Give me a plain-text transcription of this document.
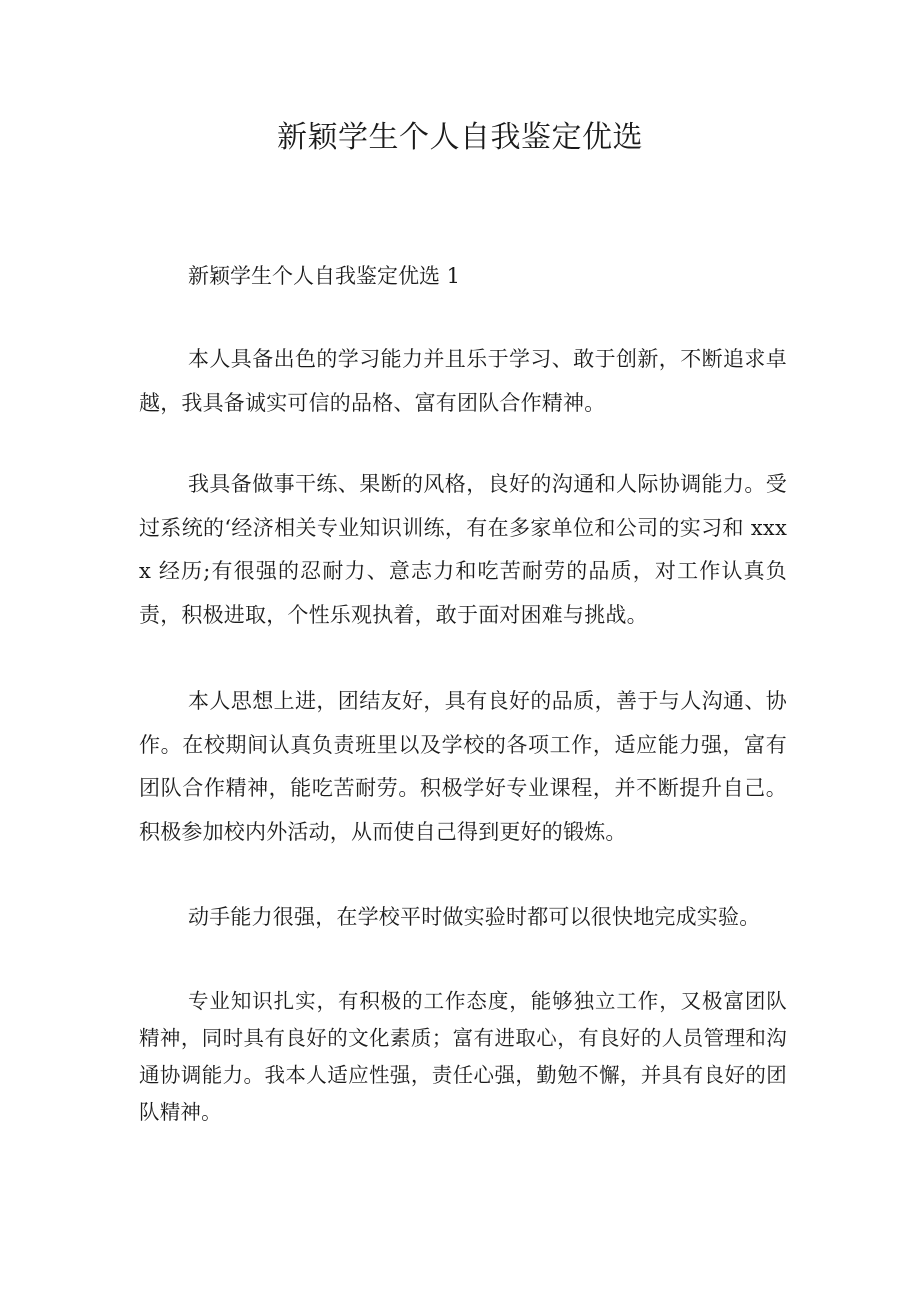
新颖学生个人自我鉴定优选

新颖学生个人自我鉴定优选 1

本人具备出色的学习能力并且乐于学习、敢于创新，不断追求卓越，我具备诚实可信的品格、富有团队合作精神。

我具备做事干练、果断的风格，良好的沟通和人际协调能力。受过系统的‘经济相关专业知识训练，有在多家单位和公司的实习和 xxxx 经历;有很强的忍耐力、意志力和吃苦耐劳的品质，对工作认真负责，积极进取，个性乐观执着，敢于面对困难与挑战。

本人思想上进，团结友好，具有良好的品质，善于与人沟通、协作。在校期间认真负责班里以及学校的各项工作，适应能力强，富有团队合作精神，能吃苦耐劳。积极学好专业课程，并不断提升自己。积极参加校内外活动，从而使自己得到更好的锻炼。

动手能力很强，在学校平时做实验时都可以很快地完成实验。

专业知识扎实，有积极的工作态度，能够独立工作，又极富团队精神，同时具有良好的文化素质；富有进取心，有良好的人员管理和沟通协调能力。我本人适应性强，责任心强，勤勉不懈，并具有良好的团队精神。
